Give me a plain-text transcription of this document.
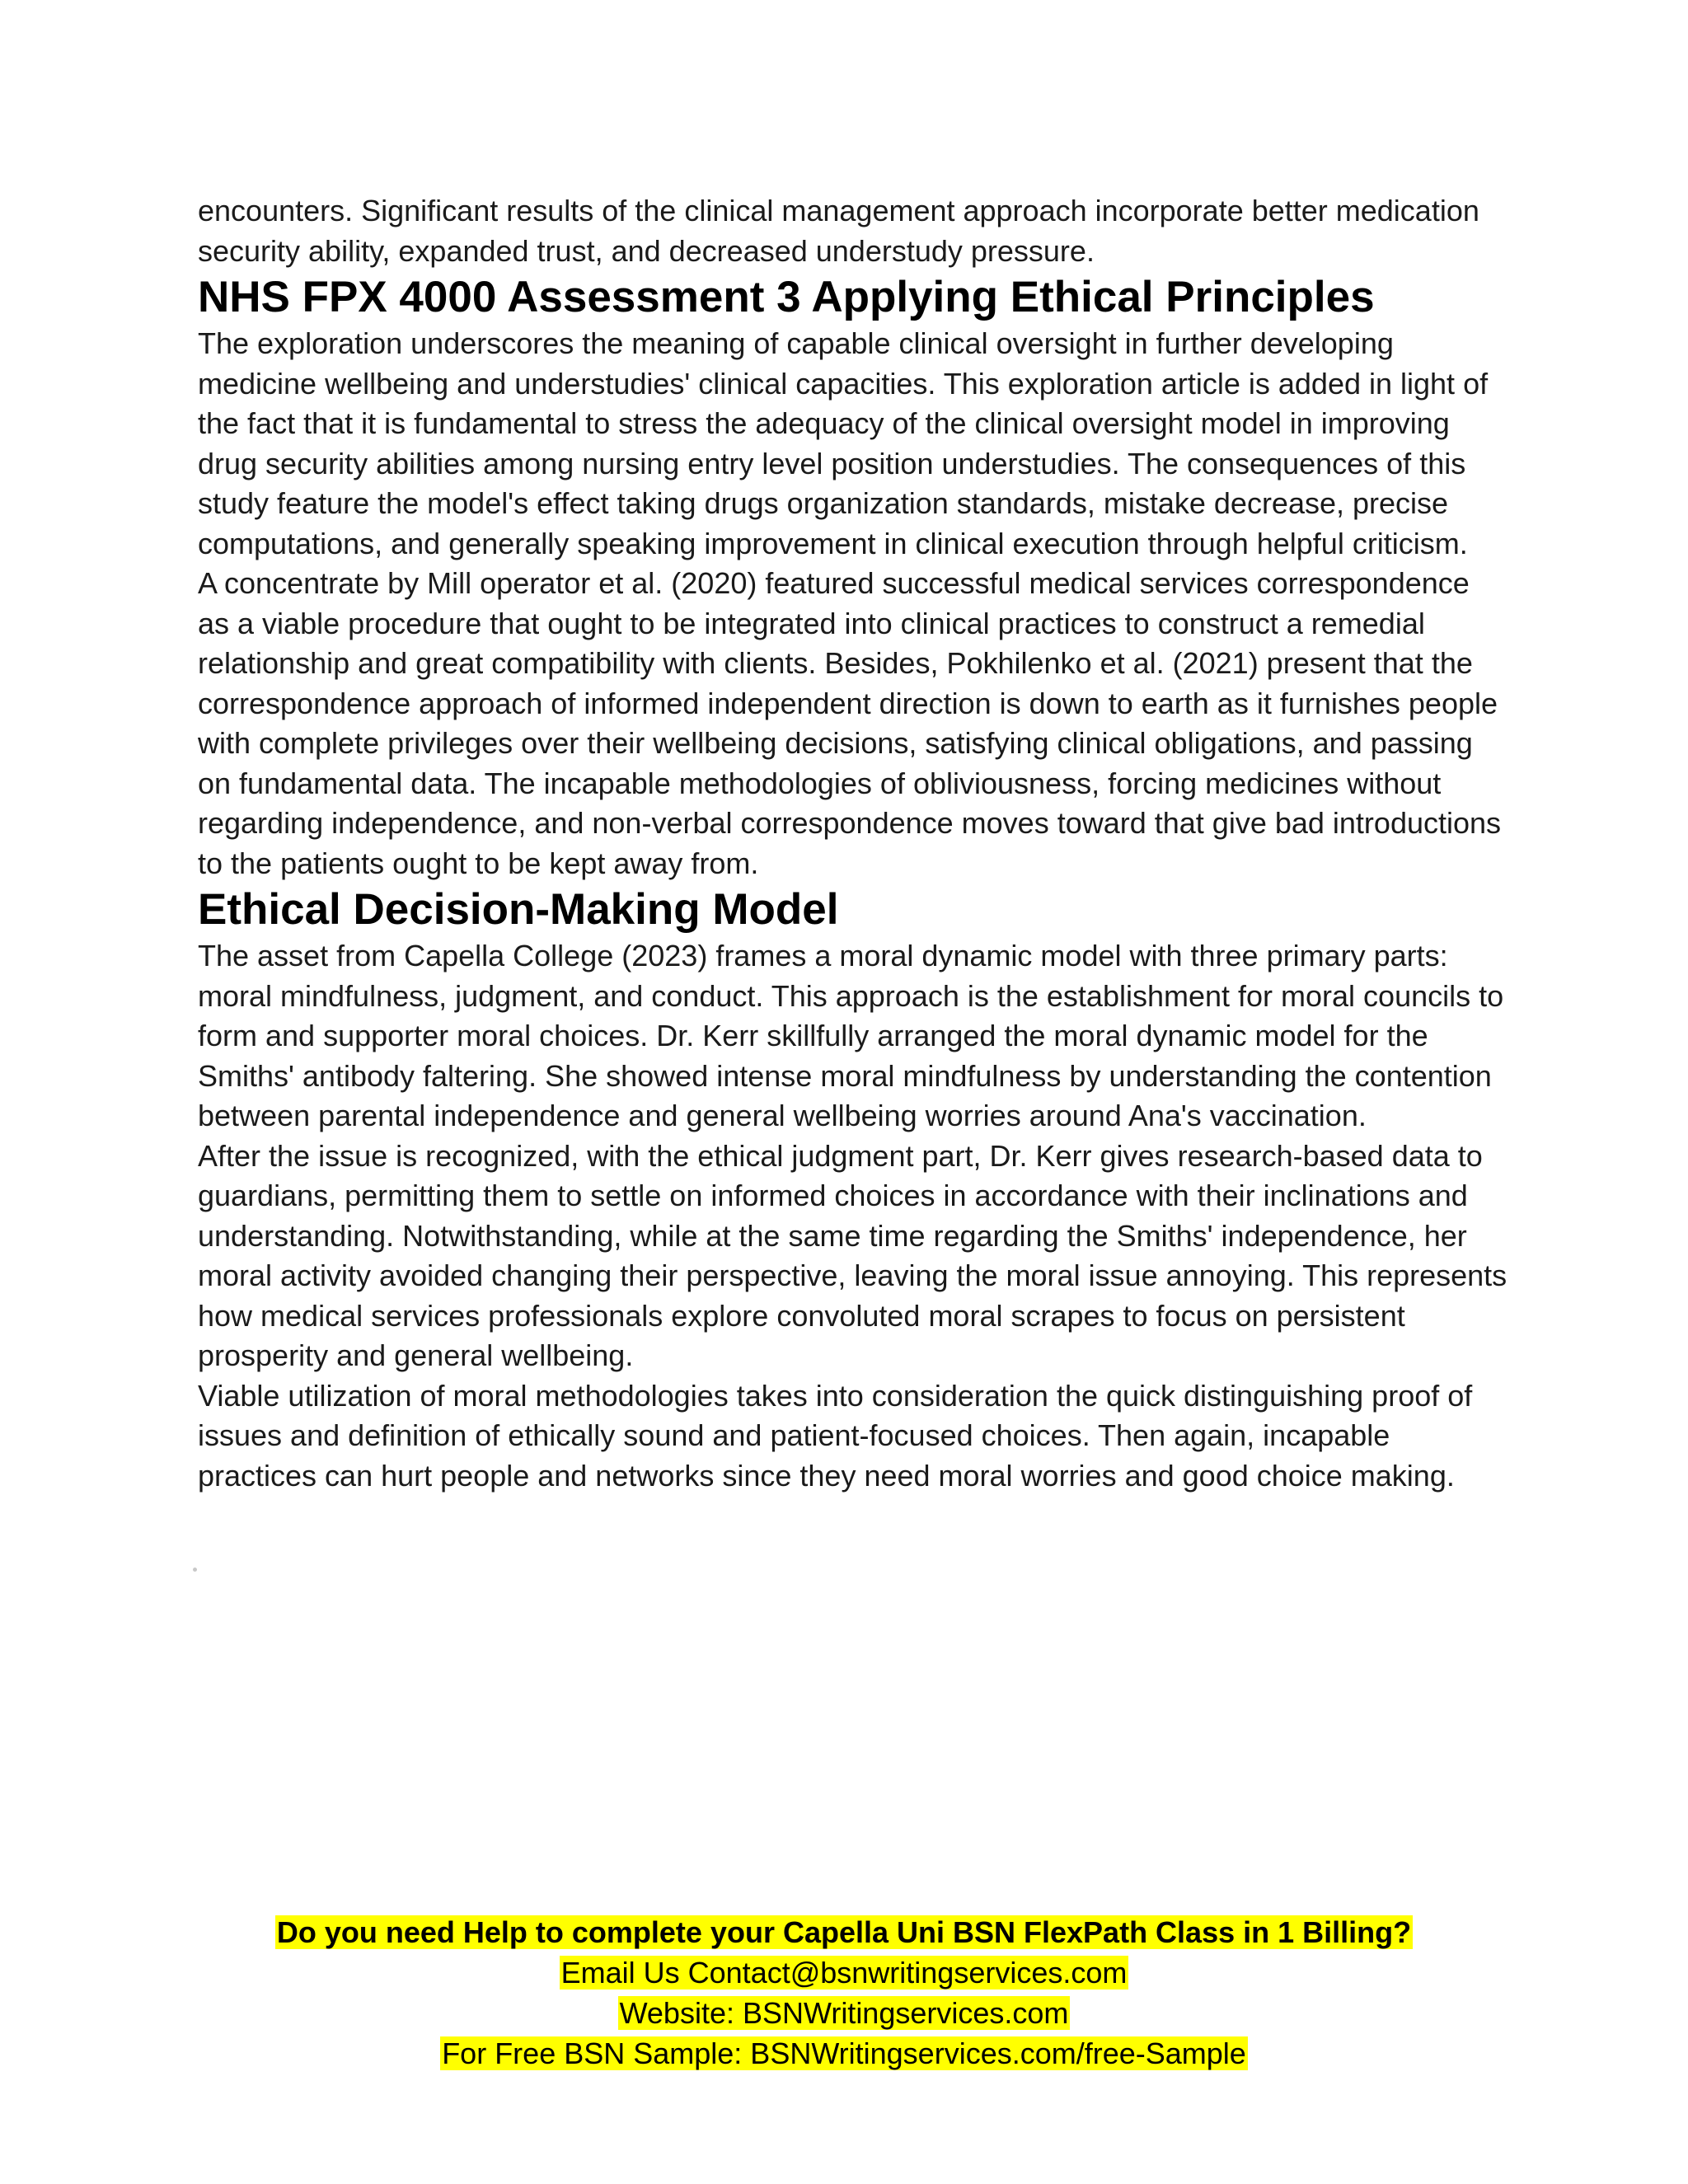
encounters. Significant results of the clinical management approach incorporate better medication security ability, expanded trust, and decreased understudy pressure.

NHS FPX 4000 Assessment 3 Applying Ethical Principles

The exploration underscores the meaning of capable clinical oversight in further developing medicine wellbeing and understudies' clinical capacities. This exploration article is added in light of the fact that it is fundamental to stress the adequacy of the clinical oversight model in improving drug security abilities among nursing entry level position understudies. The consequences of this study feature the model's effect taking drugs organization standards, mistake decrease, precise computations, and generally speaking improvement in clinical execution through helpful criticism.

A concentrate by Mill operator et al. (2020) featured successful medical services correspondence as a viable procedure that ought to be integrated into clinical practices to construct a remedial relationship and great compatibility with clients. Besides, Pokhilenko et al. (2021) present that the correspondence approach of informed independent direction is down to earth as it furnishes people with complete privileges over their wellbeing decisions, satisfying clinical obligations, and passing on fundamental data. The incapable methodologies of obliviousness, forcing medicines without regarding independence, and non-verbal correspondence moves toward that give bad introductions to the patients ought to be kept away from.

Ethical Decision-Making Model

The asset from Capella College (2023) frames a moral dynamic model with three primary parts: moral mindfulness, judgment, and conduct. This approach is the establishment for moral councils to form and supporter moral choices. Dr. Kerr skillfully arranged the moral dynamic model for the Smiths' antibody faltering. She showed intense moral mindfulness by understanding the contention between parental independence and general wellbeing worries around Ana's vaccination.

After the issue is recognized, with the ethical judgment part, Dr. Kerr gives research-based data to guardians, permitting them to settle on informed choices in accordance with their inclinations and understanding. Notwithstanding, while at the same time regarding the Smiths' independence, her moral activity avoided changing their perspective, leaving the moral issue annoying. This represents how medical services professionals explore convoluted moral scrapes to focus on persistent prosperity and general wellbeing.

Viable utilization of moral methodologies takes into consideration the quick distinguishing proof of issues and definition of ethically sound and patient-focused choices. Then again, incapable practices can hurt people and networks since they need moral worries and good choice making.

Do you need Help to complete your Capella Uni BSN FlexPath Class in 1 Billing?
Email Us Contact@bsnwritingservices.com
Website: BSNWritingservices.com
For Free BSN Sample: BSNWritingservices.com/free-Sample
